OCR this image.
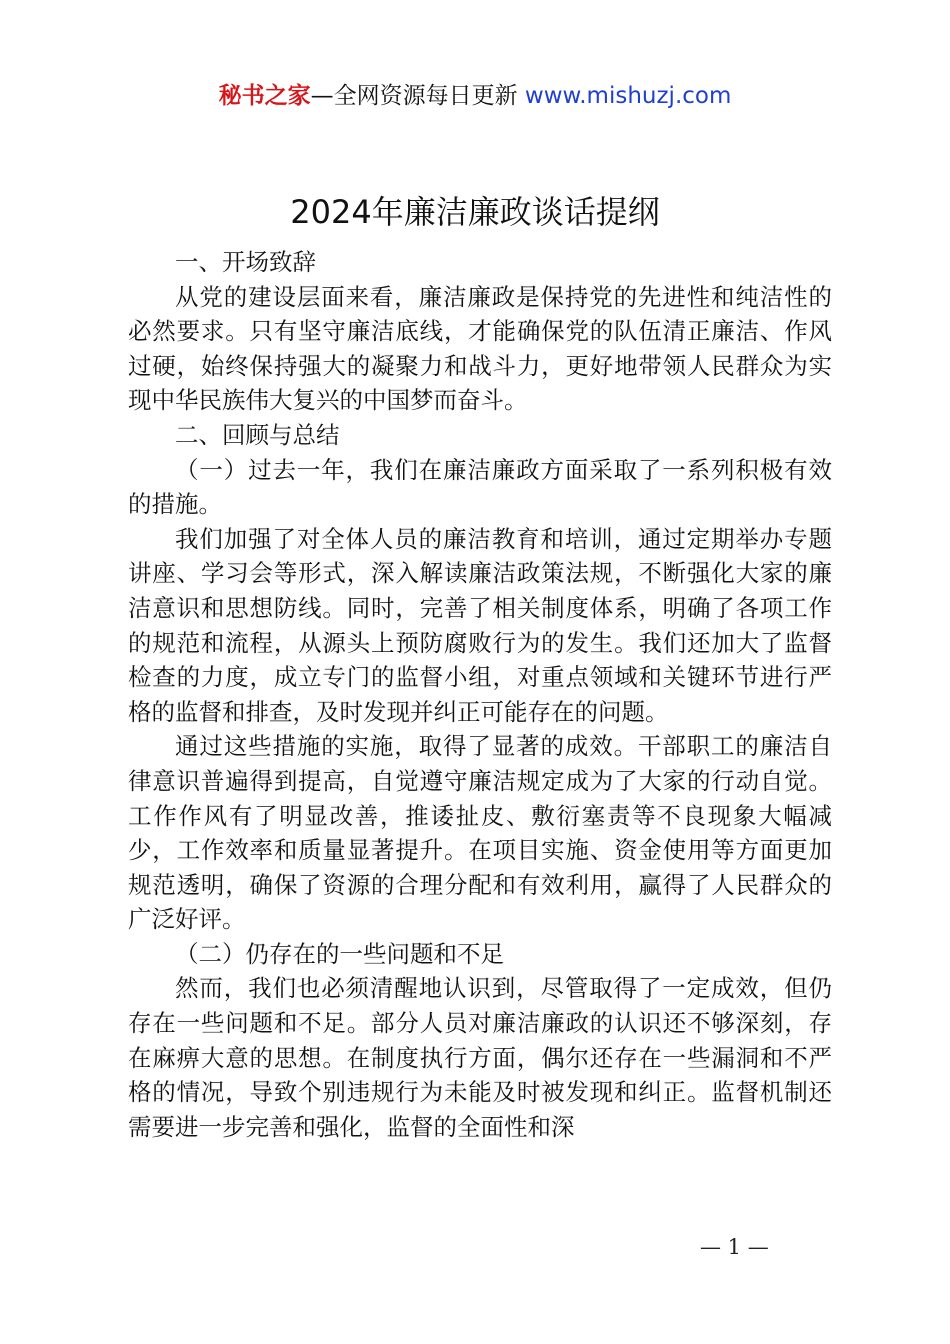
秘书之家—全网资源每日更新 www.mishuzj.com
2024年廉洁廉政谈话提纲

一、开场致辞

从党的建设层面来看，廉洁廉政是保持党的先进性和纯洁性的必然要求。只有坚守廉洁底线，才能确保党的队伍清正廉洁、作风过硬，始终保持强大的凝聚力和战斗力，更好地带领人民群众为实现中华民族伟大复兴的中国梦而奋斗。

二、回顾与总结

（一）过去一年，我们在廉洁廉政方面采取了一系列积极有效的措施。

我们加强了对全体人员的廉洁教育和培训，通过定期举办专题讲座、学习会等形式，深入解读廉洁政策法规，不断强化大家的廉洁意识和思想防线。同时，完善了相关制度体系，明确了各项工作的规范和流程，从源头上预防腐败行为的发生。我们还加大了监督检查的力度，成立专门的监督小组，对重点领域和关键环节进行严格的监督和排查，及时发现并纠正可能存在的问题。

通过这些措施的实施，取得了显著的成效。干部职工的廉洁自律意识普遍得到提高，自觉遵守廉洁规定成为了大家的行动自觉。工作作风有了明显改善，推诿扯皮、敷衍塞责等不良现象大幅减少，工作效率和质量显著提升。在项目实施、资金使用等方面更加规范透明，确保了资源的合理分配和有效利用，赢得了人民群众的广泛好评。

（二）仍存在的一些问题和不足

然而，我们也必须清醒地认识到，尽管取得了一定成效，但仍存在一些问题和不足。部分人员对廉洁廉政的认识还不够深刻，存在麻痹大意的思想。在制度执行方面，偶尔还存在一些漏洞和不严格的情况，导致个别违规行为未能及时被发现和纠正。监督机制还需要进一步完善和强化，监督的全面性和深

— 1 —
